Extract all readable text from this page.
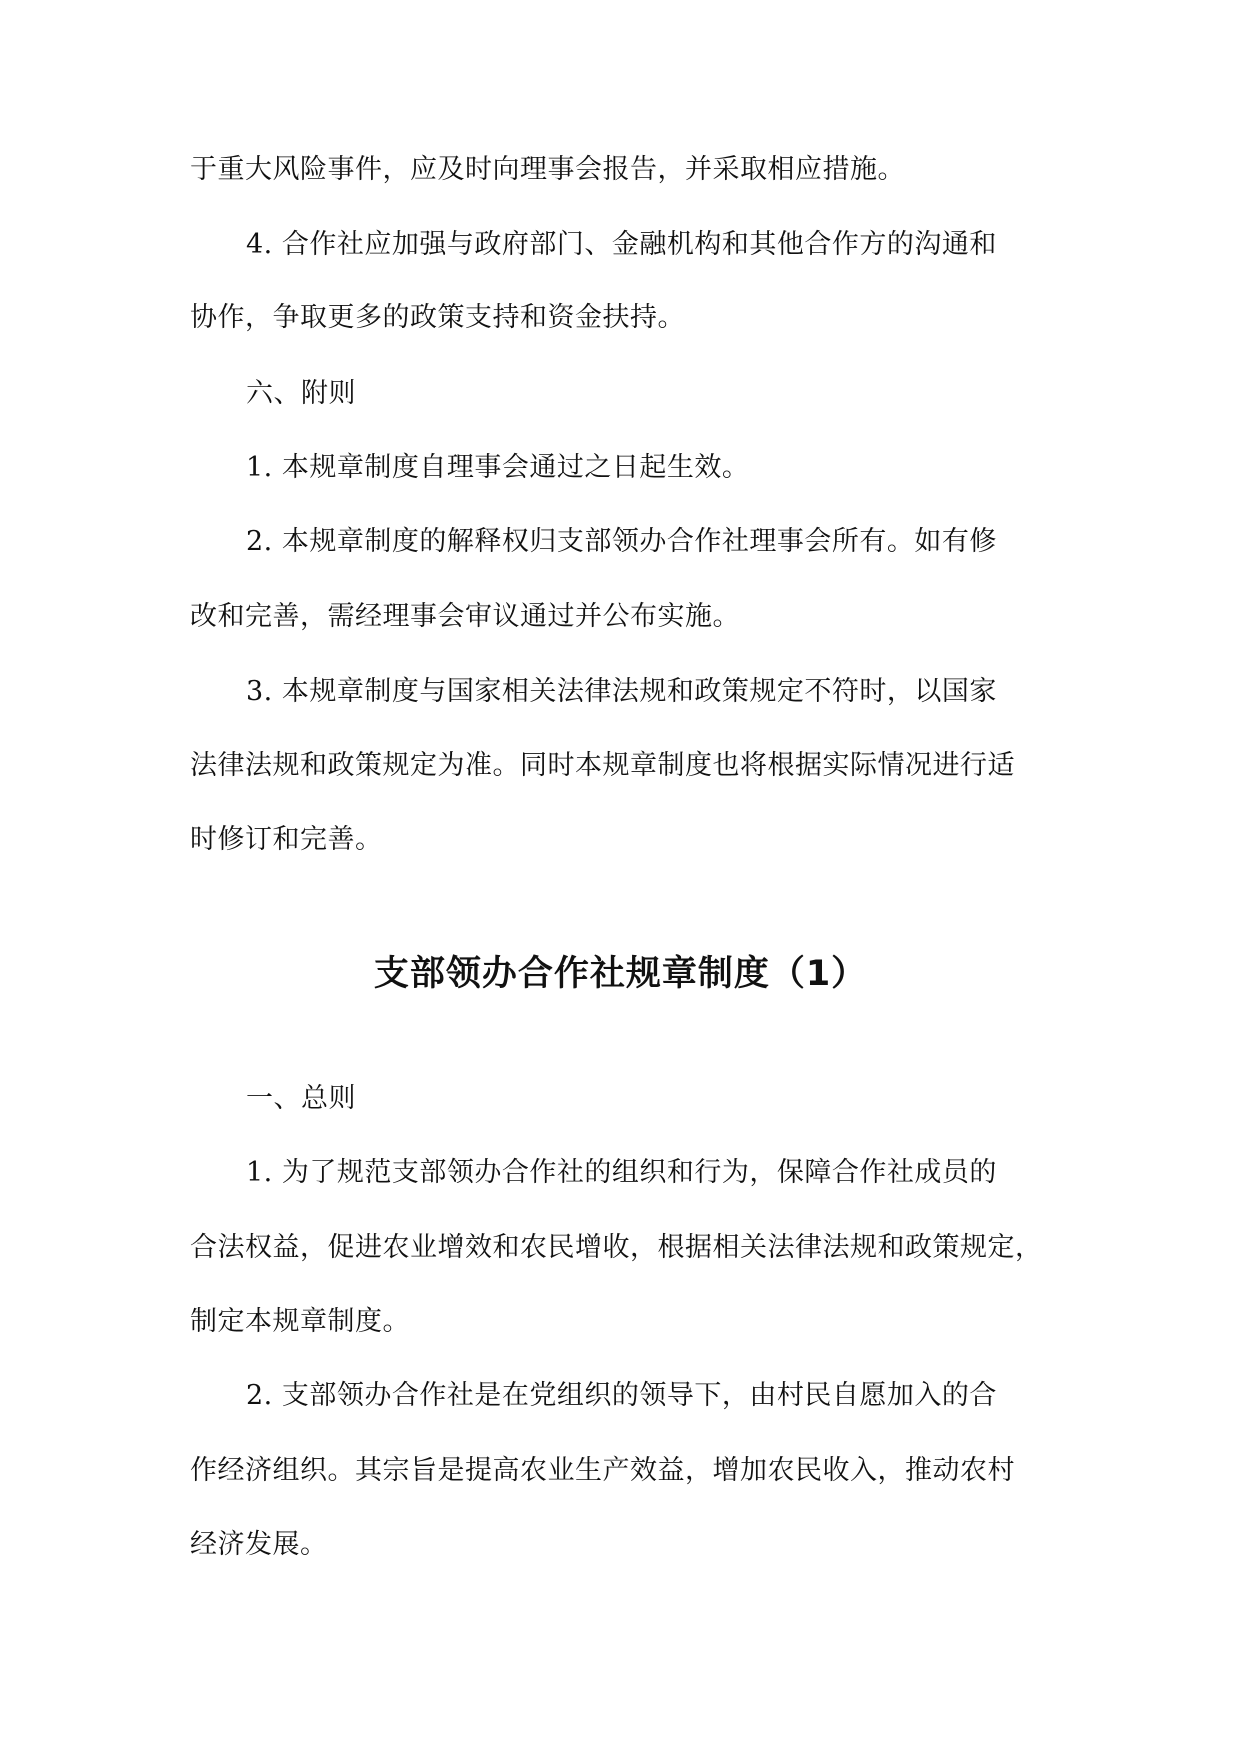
于重大风险事件，应及时向理事会报告，并采取相应措施。
4. 合作社应加强与政府部门、金融机构和其他合作方的沟通和
协作，争取更多的政策支持和资金扶持。
六、附则
1. 本规章制度自理事会通过之日起生效。
2. 本规章制度的解释权归支部领办合作社理事会所有。如有修
改和完善，需经理事会审议通过并公布实施。
3. 本规章制度与国家相关法律法规和政策规定不符时，以国家
法律法规和政策规定为准。同时本规章制度也将根据实际情况进行适
时修订和完善。
支部领办合作社规章制度（1）
一、总则
1. 为了规范支部领办合作社的组织和行为，保障合作社成员的
合法权益，促进农业增效和农民增收，根据相关法律法规和政策规定，
制定本规章制度。
2. 支部领办合作社是在党组织的领导下，由村民自愿加入的合
作经济组织。其宗旨是提高农业生产效益，增加农民收入，推动农村
经济发展。
